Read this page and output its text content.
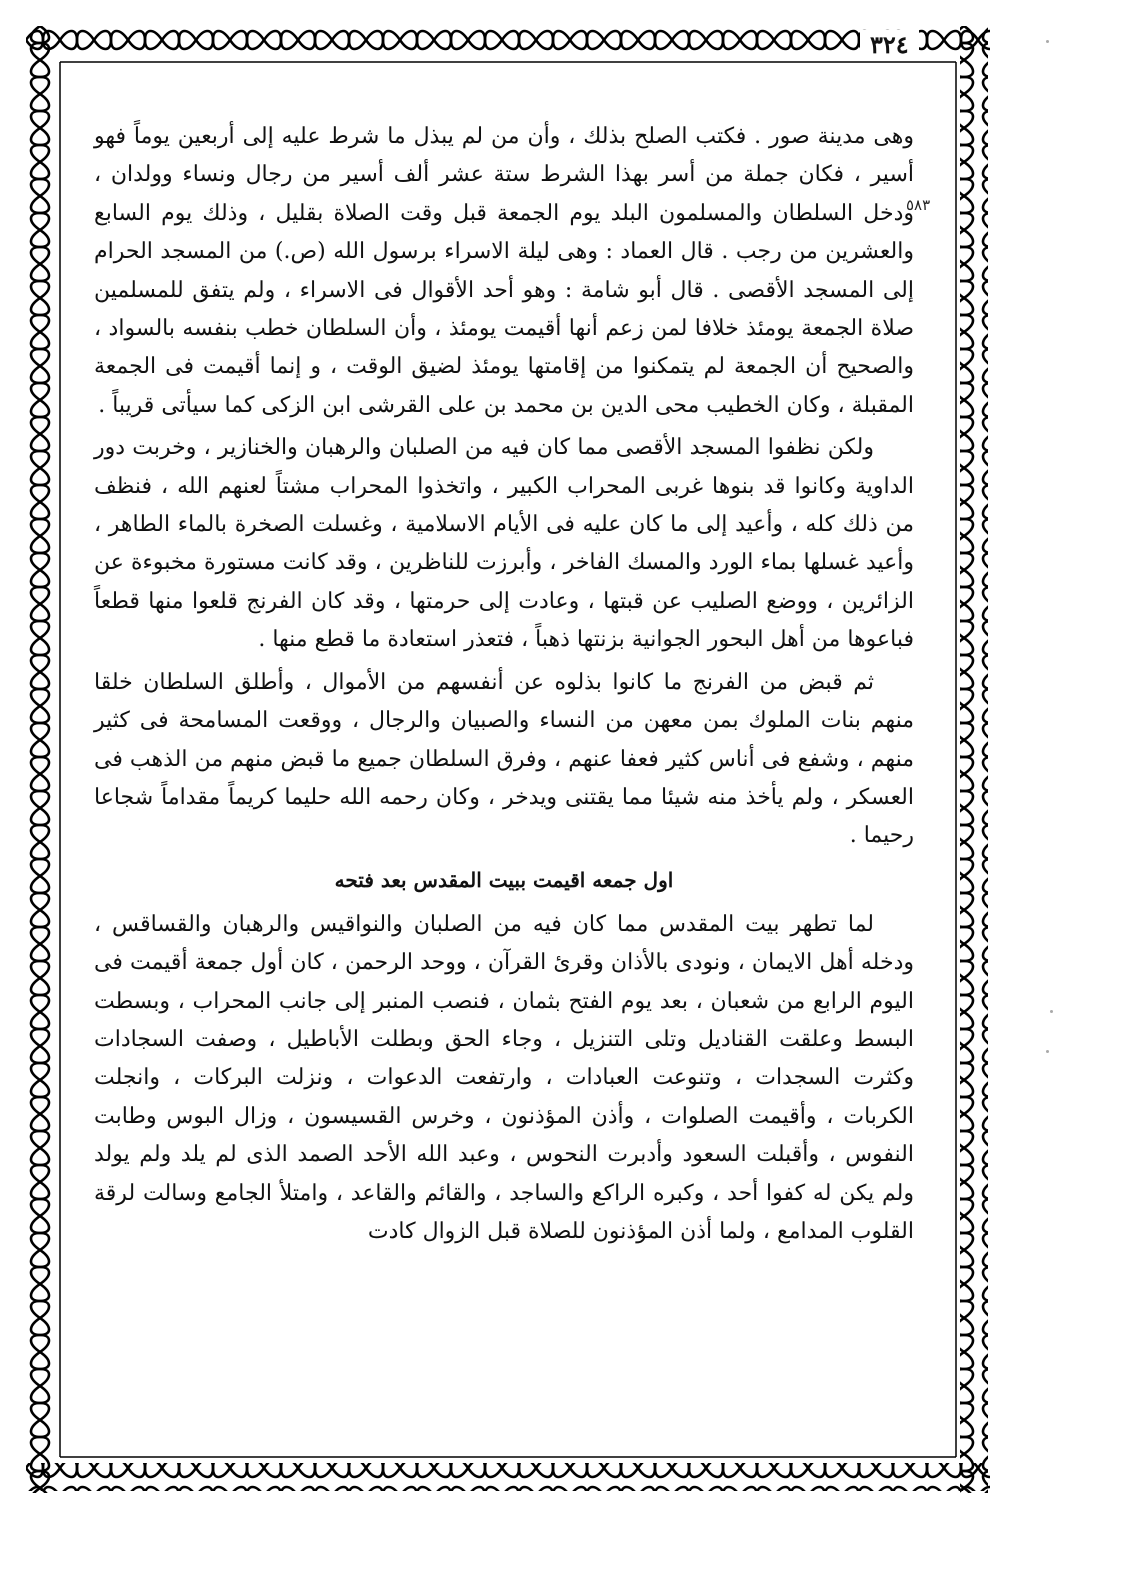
٣٢٤
٥٨٣

وهى مدينة صور . فكتب الصلح بذلك ، وأن من لم يبذل ما شرط عليه إلى أربعين يوماً فهو أسير ، فكان جملة من أسر بهذا الشرط ستة عشر ألف أسير من رجال ونساء وولدان ، ودخل السلطان والمسلمون البلد يوم الجمعة قبل وقت الصلاة بقليل ، وذلك يوم السابع والعشرين من رجب . قال العماد : وهى ليلة الاسراء برسول الله (ص.) من المسجد الحرام إلى المسجد الأقصى . قال أبو شامة : وهو أحد الأقوال فى الاسراء ، ولم يتفق للمسلمين صلاة الجمعة يومئذ خلافا لمن زعم أنها أقيمت يومئذ ، وأن السلطان خطب بنفسه بالسواد ، والصحيح أن الجمعة لم يتمكنوا من إقامتها يومئذ لضيق الوقت ، و إنما أقيمت فى الجمعة المقبلة ، وكان الخطيب محى الدين بن محمد بن على القرشى ابن الزكى كما سيأتى قريباً .

ولكن نظفوا المسجد الأقصى مما كان فيه من الصلبان والرهبان والخنازير ، وخربت دور الداوية وكانوا قد بنوها غربى المحراب الكبير ، واتخذوا المحراب مشتاً لعنهم الله ، فنظف من ذلك كله ، وأعيد إلى ما كان عليه فى الأيام الاسلامية ، وغسلت الصخرة بالماء الطاهر ، وأعيد غسلها بماء الورد والمسك الفاخر ، وأبرزت للناظرين ، وقد كانت مستورة مخبوءة عن الزائرين ، ووضع الصليب عن قبتها ، وعادت إلى حرمتها ، وقد كان الفرنج قلعوا منها قطعاً فباعوها من أهل البحور الجوانية بزنتها ذهباً ، فتعذر استعادة ما قطع منها .

ثم قبض من الفرنج ما كانوا بذلوه عن أنفسهم من الأموال ، وأطلق السلطان خلقا منهم بنات الملوك بمن معهن من النساء والصبيان والرجال ، ووقعت المسامحة فى كثير منهم ، وشفع فى أناس كثير فعفا عنهم ، وفرق السلطان جميع ما قبض منهم من الذهب فى العسكر ، ولم يأخذ منه شيئا مما يقتنى ويدخر ، وكان رحمه الله حليما كريماً مقداماً شجاعا رحيما .

اول جمعه اقيمت ببيت المقدس بعد فتحه

لما تطهر بيت المقدس مما كان فيه من الصلبان والنواقيس والرهبان والقساقس ، ودخله أهل الايمان ، ونودى بالأذان وقرئ القرآن ، ووحد الرحمن ، كان أول جمعة أقيمت فى اليوم الرابع من شعبان ، بعد يوم الفتح بثمان ، فنصب المنبر إلى جانب المحراب ، وبسطت البسط وعلقت القناديل وتلى التنزيل ، وجاء الحق وبطلت الأباطيل ، وصفت السجادات وكثرت السجدات ، وتنوعت العبادات ، وارتفعت الدعوات ، ونزلت البركات ، وانجلت الكربات ، وأقيمت الصلوات ، وأذن المؤذنون ، وخرس القسيسون ، وزال البوس وطابت النفوس ، وأقبلت السعود وأدبرت النحوس ، وعبد الله الأحد الصمد الذى لم يلد ولم يولد ولم يكن له كفوا أحد ، وكبره الراكع والساجد ، والقائم والقاعد ، وامتلأ الجامع وسالت لرقة القلوب المدامع ، ولما أذن المؤذنون للصلاة قبل الزوال كادت
